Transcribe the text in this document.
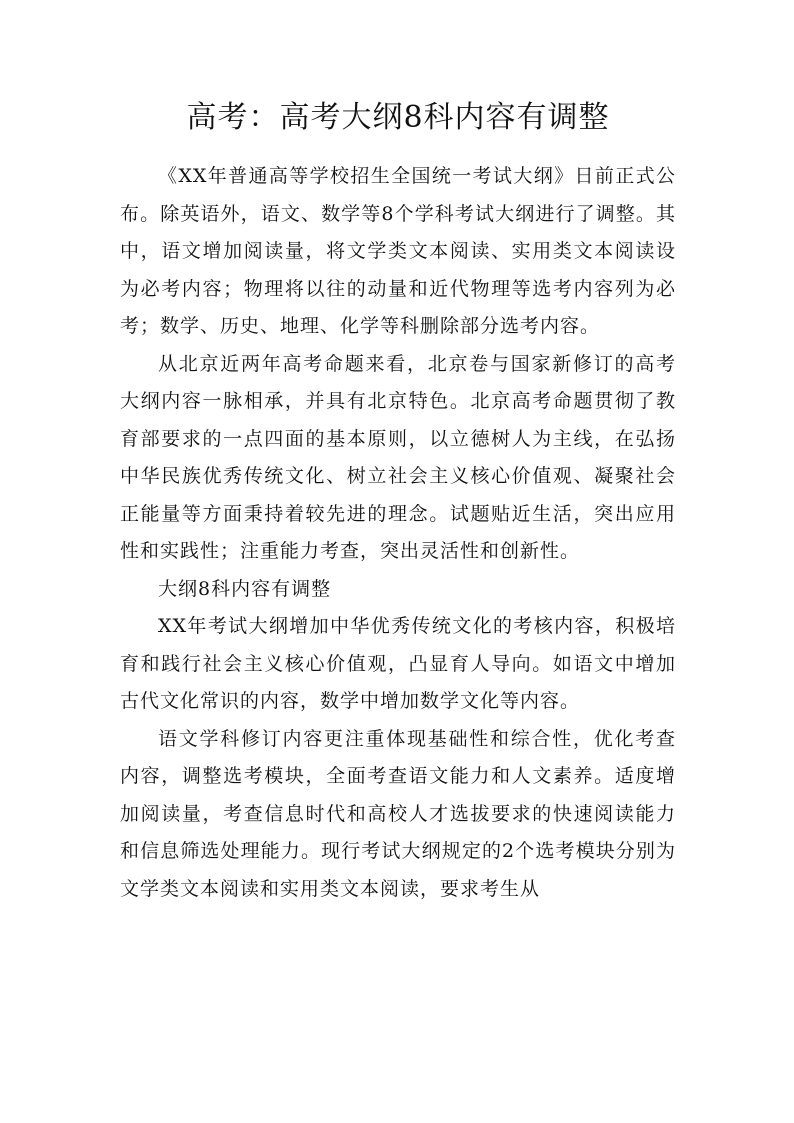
高考：高考大纲8科内容有调整

《XX年普通高等学校招生全国统一考试大纲》日前正式公布。除英语外，语文、数学等8个学科考试大纲进行了调整。其中，语文增加阅读量，将文学类文本阅读、实用类文本阅读设为必考内容；物理将以往的动量和近代物理等选考内容列为必考；数学、历史、地理、化学等科删除部分选考内容。

从北京近两年高考命题来看，北京卷与国家新修订的高考大纲内容一脉相承，并具有北京特色。北京高考命题贯彻了教育部要求的一点四面的基本原则，以立德树人为主线，在弘扬中华民族优秀传统文化、树立社会主义核心价值观、凝聚社会正能量等方面秉持着较先进的理念。试题贴近生活，突出应用性和实践性；注重能力考查，突出灵活性和创新性。

大纲8科内容有调整

XX年考试大纲增加中华优秀传统文化的考核内容，积极培育和践行社会主义核心价值观，凸显育人导向。如语文中增加古代文化常识的内容，数学中增加数学文化等内容。

语文学科修订内容更注重体现基础性和综合性，优化考查内容，调整选考模块，全面考查语文能力和人文素养。适度增加阅读量，考查信息时代和高校人才选拔要求的快速阅读能力和信息筛选处理能力。现行考试大纲规定的2个选考模块分别为文学类文本阅读和实用类文本阅读，要求考生从
